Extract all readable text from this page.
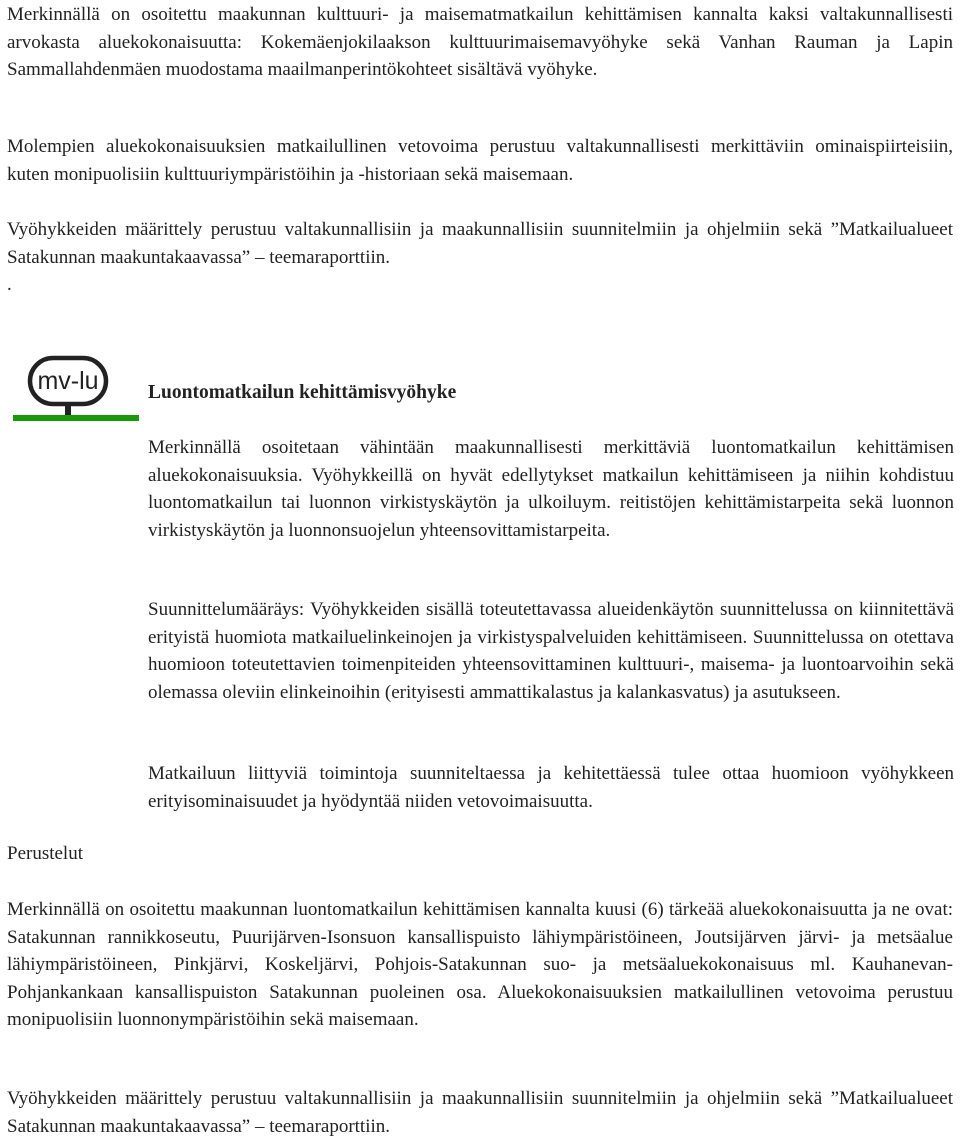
Merkinnällä on osoitettu maakunnan kulttuuri- ja maisematmatkailun kehittämisen kannalta kaksi valtakunnallisesti arvokasta aluekokonaisuutta: Kokemäenjokilaakson kulttuurimaisemavyöhyke sekä Vanhan Rauman ja Lapin Sammallahdenmäen muodostama maailmanperintökohteet sisältävä vyöhyke.

Molempien aluekokonaisuuksien matkailullinen vetovoima perustuu valtakunnallisesti merkittäviin ominaispiirteisiin, kuten monipuolisiin kulttuuriympäristöihin ja -historiaan sekä maisemaan.

Vyöhykkeiden määrittely perustuu valtakunnallisiin ja maakunnallisiin suunnitelmiin ja ohjelmiin sekä ”Matkailualueet Satakunnan maakuntakaavassa” – teemaraporttiin.

.
mv-lu	Luontomatkailun kehittämisvyöhyke

Merkinnällä osoitetaan vähintään maakunnallisesti merkittäviä luontomatkailun kehittämisen aluekokonaisuuksia. Vyöhykkeillä on hyvät edellytykset matkailun kehittämiseen ja niihin kohdistuu luontomatkailun tai luonnon virkistyskäytön ja ulkoiluym. reitistöjen kehittämistarpeita sekä luonnon virkistyskäytön ja luonnonsuojelun yhteensovittamistarpeita.

Suunnittelumääräys: Vyöhykkeiden sisällä toteutettavassa alueidenkäytön suunnittelussa on kiinnitettävä erityistä huomiota matkailuelinkeinojen ja virkistyspalveluiden kehittämiseen. Suunnittelussa on otettava huomioon toteutettavien toimenpiteiden yhteensovittaminen kulttuuri-, maisema- ja luontoarvoihin sekä olemassa oleviin elinkeinoihin (erityisesti ammattikalastus ja kalankasvatus) ja asutukseen.

Matkailuun liittyviä toimintoja suunniteltaessa ja kehitettäessä tulee ottaa huomioon vyöhykkeen erityisominaisuudet ja hyödyntää niiden vetovoimaisuutta.

Perustelut

Merkinnällä on osoitettu maakunnan luontomatkailun kehittämisen kannalta kuusi (6) tärkeää aluekokonaisuutta ja ne ovat: Satakunnan rannikkoseutu, Puurijärven-Isonsuon kansallispuisto lähiympäristöineen, Joutsijärven järvi- ja metsäalue lähiympäristöineen, Pinkjärvi, Koskeljärvi, Pohjois-Satakunnan suo- ja metsäaluekokonaisuus ml. Kauhanevan-Pohjankankaan kansallispuiston Satakunnan puoleinen osa. Aluekokonaisuuksien matkailullinen vetovoima perustuu monipuolisiin luonnonympäristöihin sekä maisemaan.

Vyöhykkeiden määrittely perustuu valtakunnallisiin ja maakunnallisiin suunnitelmiin ja ohjelmiin sekä ”Matkailualueet Satakunnan maakuntakaavassa” – teemaraporttiin.
